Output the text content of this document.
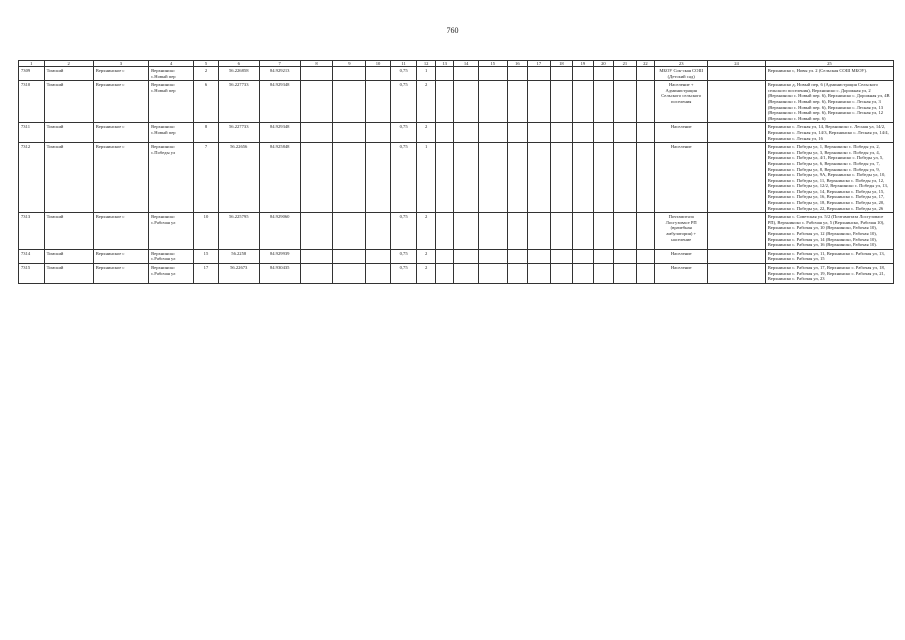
760
1	2	3	4	5	6	7	8	9	10	11	12	13	14	15	16	17	18	19	20	21	22	23	24	25
7309	Томский	Верхнинское с	Верхнинско с.Новый пер	2	56.226858	84.929213				0,75	1											МБОУ Сок-ская СОШ (Детский сад)		Верхнинско с, Новы ул. 2 (Сельская СОШ МБОУ).
7310	Томский	Верхнинское с	Верхнинско с.Новый пер	6	56.227733	84.929348				0,75	2											Население + Администрация Сельского сельского поселения		Верхнинско д, Новый пер, 6 (Администрация Сельского сельского поселения), Верхнинско с. Дорожная ул, 2 (Верхнинско с. Новый пер. 6), Верхнинско с. Дорожная ул, 4В (Верхнинско с. Новый пер. 6), Верхнинско с. Лесная ул, 3 (Верхнинско с. Новый пер. 6), Верхнинско с. Лесная ул, 13 (Верхнинско с. Новый пер. 6), Верхнинско с. Лесная ул, 12 (Верхнинско с. Новый пер. 6)
7311	Томский	Верхнинское с	Верхнинско с.Новый пер	8	56.227733	84.929348				0,75	2											Население		Верхнинско с. Лесная ул, 14, Верхнинско с. Лесная ул, 14/2, Верхнинско с. Лесная ул, 14/3, Верхнинско с. Лесная ул, 14/4, Верхнинско с. Лесная ул, 16
7312	Томский	Верхнинское с	Верхнинско с.Победы ул	7	56.22656	84.925848				0,75	1											Население		Верхнинско с. Победы ул, 1, Верхнинско с. Победы ул, 2, Верхнинско с. Победы ул, 3, Верхнинско с. Победы ул, 4, Верхнинско с. Победы ул, 4/1, Верхнинско с. Победы ул, 5, Верхнинско с. Победы ул, 6, Верхнинско с. Победы ул, 7, Верхнинско с. Победы ул, 8, Верхнинско с. Победы ул, 9, Верхнинско с. Победы ул, 9А, Верхнинско с. Победы ул, 10, Верхнинско с. Победы ул, 11, Верхнинско с. Победы ул, 12, Верхнинско с. Победы ул, 12/2, Верхнинско с. Победы ул, 13, Верхнинско с. Победы ул, 14, Верхнинско с. Победы ул, 15, Верхнинско с. Победы ул, 16, Верхнинско с. Победы ул, 17, Верхнинско с. Победы ул, 18, Верхнинско с. Победы ул, 20, Верхнинско с. Победы ул, 22, Верхнинско с. Победы ул, 26
7313	Томский	Верхнинское с	Верхнинско с.Рабочая ул	10	56.225795	84.929060				0,75	2											Почтамптаза Лосгузовасе РП (врачебная амбулатория) + население		Верхнинско с. Советская ул. 5/2 (Почтамптаза Лосгузовасе РП), Верхнинско с. Рабочая ул, 5 (Верхнинско, Рабочая 10), Верхнинско с. Рабочая ул, 10 (Верхнинско, Рабочая 10), Верхнинско с. Рабочая ул, 12 (Верхнинско, Рабочая 10), Верхнинско с. Рабочая ул, 14 (Верхнинско, Рабочая 10), Верхнинско с. Рабочая ул, 16 (Верхнинско, Рабочая 10).
7314	Томский	Верхнинское с	Верхнинско с.Рабочая ул	15	56.2258	84.929939				0,75	2											Население		Верхнинско с. Рабочая ул, 11, Верхнинско с. Рабочая ул, 13, Верхнинско с. Рабочая ул, 15
7315	Томский	Верхнинское с	Верхнинско с.Рабочая ул	17	56.22673	84.930435				0,75	2											Население		Верхнинско с. Рабочая ул, 17, Верхнинско с. Рабочая ул, 18, Верхнинско с. Рабочая ул, 19, Верхнинско с. Рабочая ул, 21, Верхнинско с. Рабочая ул, 23
